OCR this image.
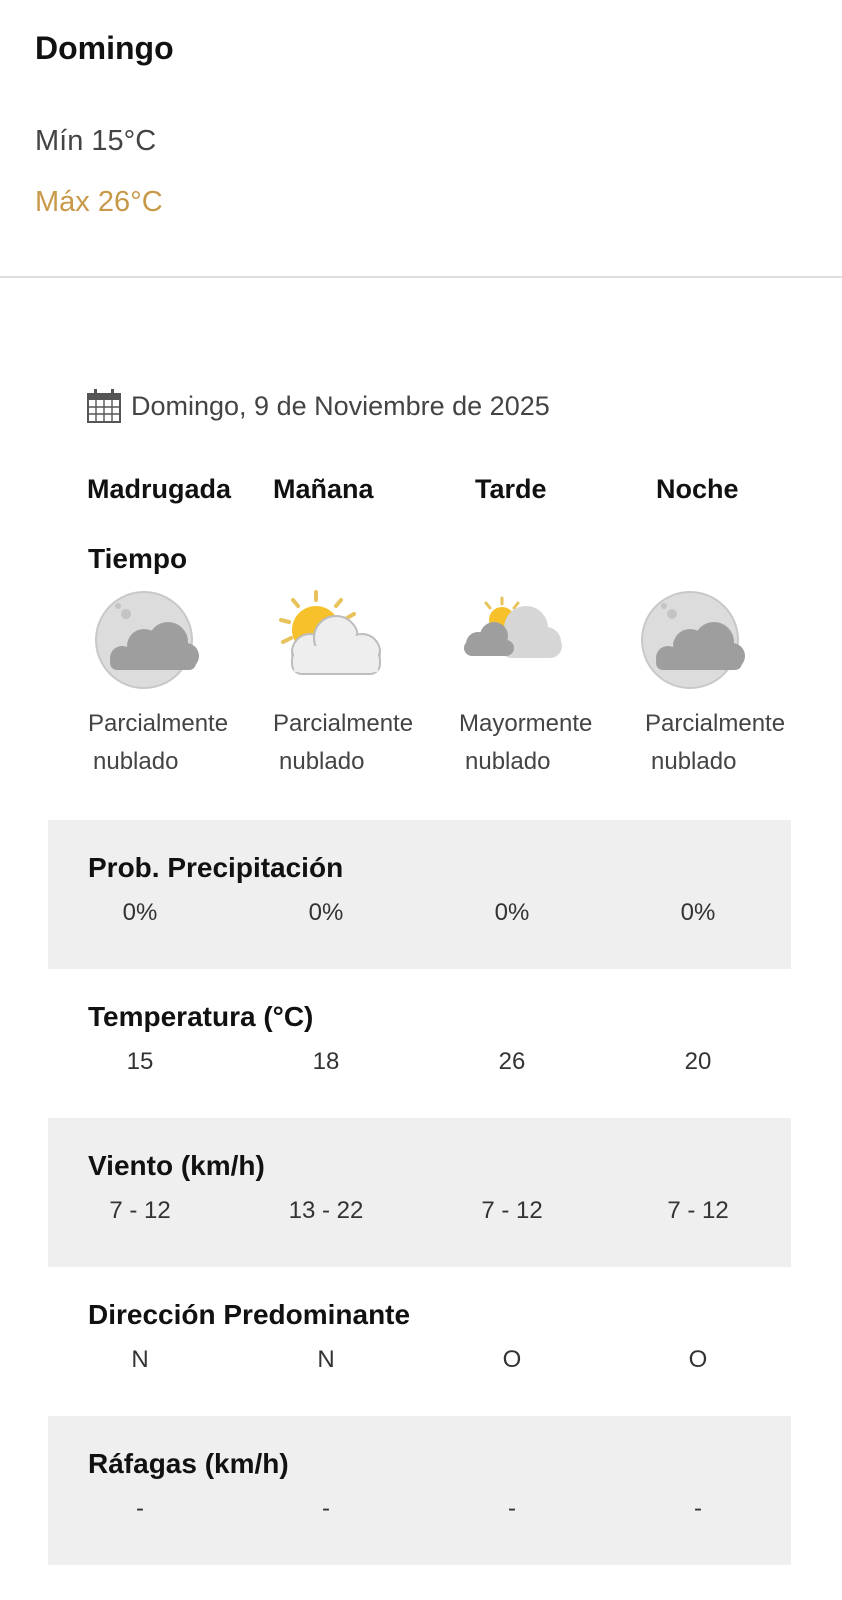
Domingo
Mín 15°C
Máx 26°C
Domingo, 9 de Noviembre de 2025
Madrugada Mañana	Tarde	Noche
Tiempo
Parcialmente
nublado
Parcialmente
nublado
Mayormente
nublado
Parcialmente
nublado
Prob. Precipitación
0%	0%	0%	0%
Temperatura (°C)
15	18	26	20
Viento (km/h)
7 - 12	13 - 22	7 - 12	7 - 12
Dirección Predominante
N	N	O	O
Ráfagas (km/h)
-	-	-	-
